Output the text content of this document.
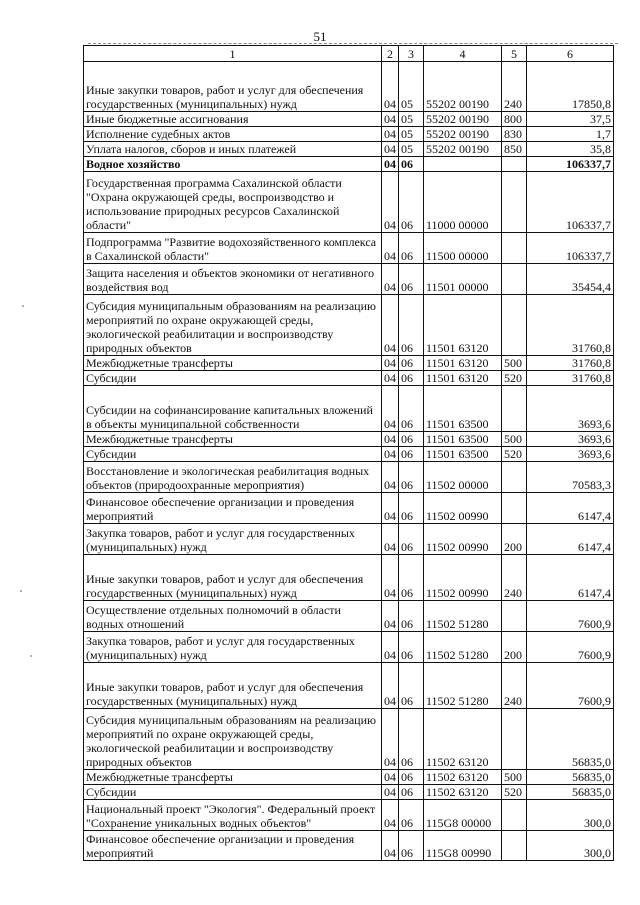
51
1	2	3	4	5	6
Иные закупки товаров, работ и услуг для обеспечения государственных (муниципальных) нужд	04	05	55202 00190	240	17850,8
Иные бюджетные ассигнования	04	05	55202 00190	800	37,5
Исполнение судебных актов	04	05	55202 00190	830	1,7
Уплата налогов, сборов и иных платежей	04	05	55202 00190	850	35,8
Водное хозяйство	04	06			106337,7
Государственная программа Сахалинской области "Охрана окружающей среды, воспроизводство и использование природных ресурсов Сахалинской области"	04	06	11000 00000		106337,7
Подпрограмма "Развитие водохозяйственного комплекса в Сахалинской области"	04	06	11500 00000		106337,7
Защита населения и объектов экономики от негативного воздействия вод	04	06	11501 00000		35454,4
Субсидия муниципальным образованиям на реализацию мероприятий по охране окружающей среды, экологической реабилитации и воспроизводству природных объектов	04	06	11501 63120		31760,8
Межбюджетные трансферты	04	06	11501 63120	500	31760,8
Субсидии	04	06	11501 63120	520	31760,8
Субсидии на софинансирование капитальных вложений в объекты муниципальной собственности	04	06	11501 63500		3693,6
Межбюджетные трансферты	04	06	11501 63500	500	3693,6
Субсидии	04	06	11501 63500	520	3693,6
Восстановление и экологическая реабилитация водных объектов (природоохранные мероприятия)	04	06	11502 00000		70583,3
Финансовое обеспечение организации и проведения мероприятий	04	06	11502 00990		6147,4
Закупка товаров, работ и услуг для государственных (муниципальных) нужд	04	06	11502 00990	200	6147,4
Иные закупки товаров, работ и услуг для обеспечения государственных (муниципальных) нужд	04	06	11502 00990	240	6147,4
Осуществление отдельных полномочий в области водных отношений	04	06	11502 51280		7600,9
Закупка товаров, работ и услуг для государственных (муниципальных) нужд	04	06	11502 51280	200	7600,9
Иные закупки товаров, работ и услуг для обеспечения государственных (муниципальных) нужд	04	06	11502 51280	240	7600,9
Субсидия муниципальным образованиям на реализацию мероприятий по охране окружающей среды, экологической реабилитации и воспроизводству природных объектов	04	06	11502 63120		56835,0
Межбюджетные трансферты	04	06	11502 63120	500	56835,0
Субсидии	04	06	11502 63120	520	56835,0
Национальный проект "Экология". Федеральный проект "Сохранение уникальных водных объектов"	04	06	115G8 00000		300,0
Финансовое обеспечение организации и проведения мероприятий	04	06	115G8 00990		300,0
